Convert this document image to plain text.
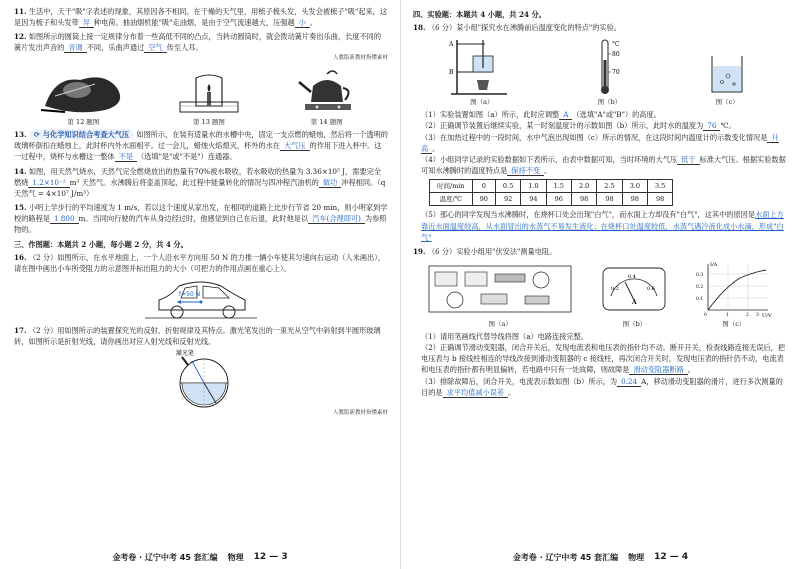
11. 生活中，天干"吸"字表述的现象，其原因各不相同。在干燥的天气里，用梳子梳头发，头发会被梳子"吸"起来，这是因为梳子和头发带 异 种电荷。抽油烟机能"吸"走油烟，是由于空气流速越大，压强越 小 。
12. 如图所示的圆筒上接一定规律分布着一些高低不同的凸点，当转动圆筒时，就会拨动簧片奏出乐曲，长度不同的簧片发出声音的 音调 不同，乐曲声通过 空气 传至人耳。
人教版新教材指懂素材
第 12 题图	第 13 题图	第 14 题图
13. ⟳ 与化学知识结合考查大气压 如图所示，在装有适量水的水槽中央，固定一支点燃的蜡烛，然后将一个透明的玻璃杯倒扣在蜡烛上，此时杯内外水面相平。过一会儿，蜡烛火焰熄灭，杯外的水在 大气压 的作用下进入杯中。这一过程中，烧杯与水槽这一整体 不是 （选填"是"或"不是"）连通器。
14. 如图，用天然气烧水，天然气完全燃烧放出的热量有70%被水吸收，若水吸收的热量为 3.36×10⁵ J，需要完全燃烧 1.2×10⁻² m³ 天然气。水沸腾后将壶盖顶起，此过程中能量转化的情况与四冲程汽油机的 做功 冲程相同。（q天然气 = 4×10⁷ J/m³）
15. 小明上学步行的平均速度为 1 m/s，若以这个速度从家出发，在相同的道路上比步行节省 20 min，则小明家到学校的路程是 1 800 m。当同向行驶的汽车从身边经过时，他感觉到自己在后退，此时他是以 汽车(合理即可) 为参照物的。
三、作图题：本题共 2 小题，每小题 2 分，共 4 分。
16. （2 分）如图所示，在水平地面上，一个人沿水平方向用 50 N 的力推一辆小车使其匀速向右运动（人未画出），请在图中画出小车所受阻力的示意图并标出阻力的大小（可把力的作用点画在重心上）。
f=50 N
17. （2 分）用如图所示的装置探究光的反射、折射规律及其特点。激光笔发出的一束光从空气中斜射到半圆形玻璃砖，如图所示是折射光线，请你画出对应入射光线和反射光线。
激光笔
人教版新教材指懂素材
金考卷 · 辽宁中考 45 套汇编 物理 12 — 3
四、实验题：本题共 4 小题，共 24 分。
18. （6 分）某小组"探究水在沸腾前后温度变化的特点"的实验。
A
B
图（a）
°C
80
70
图（b）	图（c）
（1）实验装置如图（a）所示，此时应调整 A （选填"A"或"B"）的高度。
（2）正确调节装置后继续实验，某一时刻温度计的示数如图（b）所示，此时水的温度为 76 ℃。
（3）在加热过程中的一段时间，水中气泡出现如图（c）所示的情况，在这段时间内温度计的示数变化情况是 升高 。
（4）小组同学记录的实验数据如下表所示，由表中数据可知，当时环境的大气压 低于 标准大气压。根据实验数据可知水沸腾时的温度特点是 保持不变 。
时间/min	0	0.5	1.0	1.5	2.0	2.5	3.0	3.5
温度/℃	90	92	94	96	98	98	98	98
（5）那心的同学发现当水沸腾时，在烧杯口处会出现"白气"，而水面上方却没有"白气"，这其中的原因是水面上方靠近水面温度较高，从水面冒出的水蒸气不易发生液化；在烧杯口处温度较低，水蒸气遇冷液化成小水滴，形成"白气"
19. （6 分）实验小组用"伏安法"测量电阻。
图（a）
0.2
0.4
0.6
A
图（b）
I/A
U/V
0.3
0.2
0.1
0	1	2 3
图（c）
（1）请用笔画线代替导线将图（a）电路连接完整。
（2）正确调节滑动变阻器，闭合开关后，发现电流表和电压表的指针均不动。断开开关，检查线路连接无误后，把电压表与 b 接线柱相连的导线改接到滑动变阻器的 c 接线柱，再次闭合开关时，发现电压表的指针仍不动，电流表和电压表的指针都有明显偏转，若电路中只有一处故障，则故障是 滑动变阻器断路 。
（3）排除故障后，闭合开关，电流表示数如图（b）所示，为 0.24 A，移动滑动变阻器的滑片，进行多次测量的目的是 求平均值减小误差 。
金考卷 · 辽宁中考 45 套汇编 物理 12 — 4
